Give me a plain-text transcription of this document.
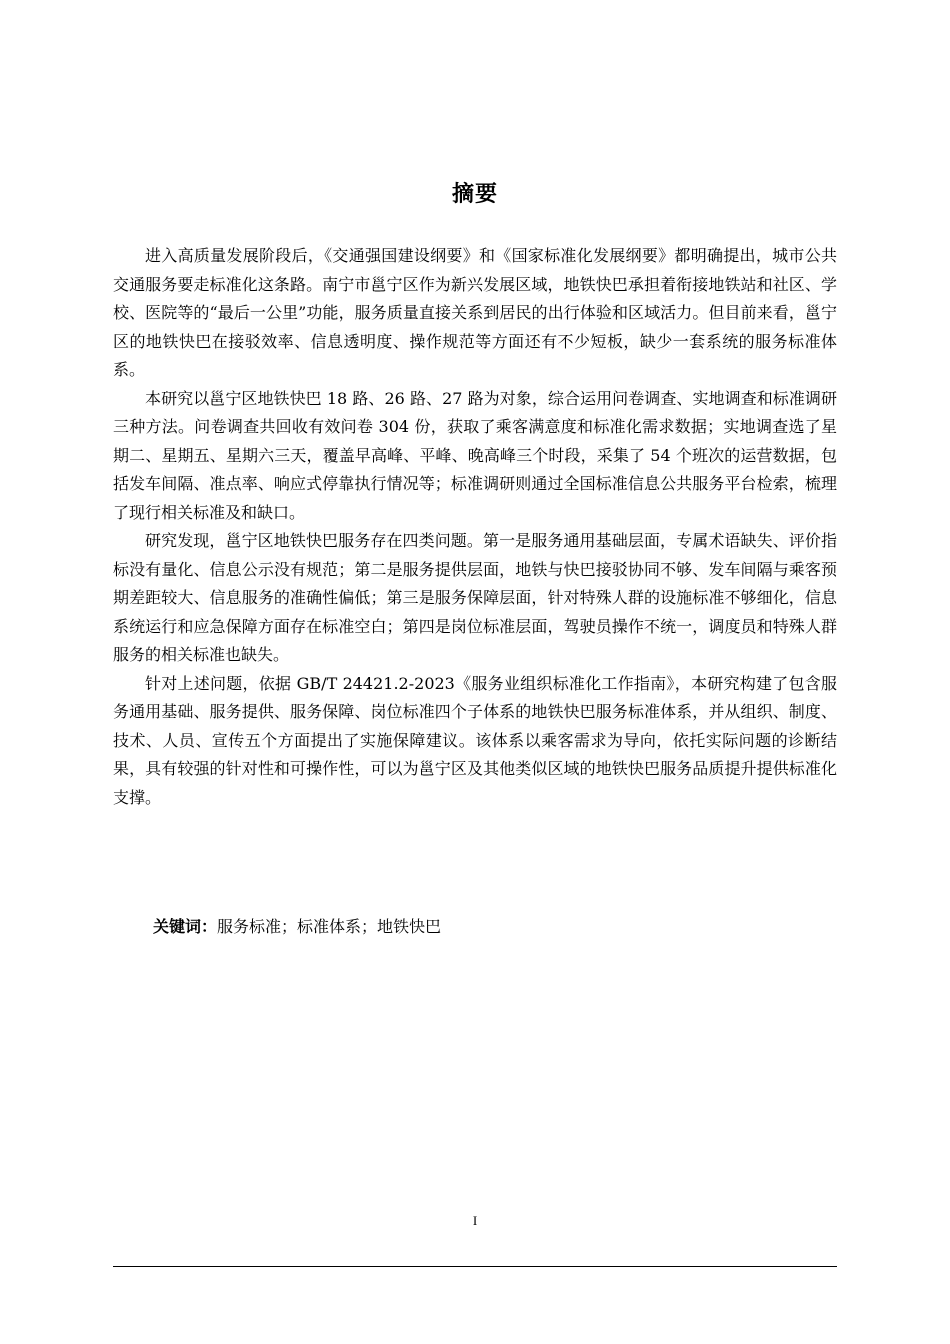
摘要

进入高质量发展阶段后，《交通强国建设纲要》和《国家标准化发展纲要》都明确提出，城市公共交通服务要走标准化这条路。南宁市邕宁区作为新兴发展区域，地铁快巴承担着衔接地铁站和社区、学校、医院等的“最后一公里”功能，服务质量直接关系到居民的出行体验和区域活力。但目前来看，邕宁区的地铁快巴在接驳效率、信息透明度、操作规范等方面还有不少短板，缺少一套系统的服务标准体系。

本研究以邕宁区地铁快巴 18 路、26 路、27 路为对象，综合运用问卷调查、实地调查和标准调研三种方法。问卷调查共回收有效问卷 304 份，获取了乘客满意度和标准化需求数据；实地调查选了星期二、星期五、星期六三天，覆盖早高峰、平峰、晚高峰三个时段，采集了 54 个班次的运营数据，包括发车间隔、准点率、响应式停靠执行情况等；标准调研则通过全国标准信息公共服务平台检索，梳理了现行相关标准及和缺口。

研究发现，邕宁区地铁快巴服务存在四类问题。第一是服务通用基础层面，专属术语缺失、评价指标没有量化、信息公示没有规范；第二是服务提供层面，地铁与快巴接驳协同不够、发车间隔与乘客预期差距较大、信息服务的准确性偏低；第三是服务保障层面，针对特殊人群的设施标准不够细化，信息系统运行和应急保障方面存在标准空白；第四是岗位标准层面，驾驶员操作不统一，调度员和特殊人群服务的相关标准也缺失。

针对上述问题，依据 GB/T 24421.2-2023《服务业组织标准化工作指南》，本研究构建了包含服务通用基础、服务提供、服务保障、岗位标准四个子体系的地铁快巴服务标准体系，并从组织、制度、技术、人员、宣传五个方面提出了实施保障建议。该体系以乘客需求为导向，依托实际问题的诊断结果，具有较强的针对性和可操作性，可以为邕宁区及其他类似区域的地铁快巴服务品质提升提供标准化支撑。

关键词：服务标准；标准体系；地铁快巴
I
